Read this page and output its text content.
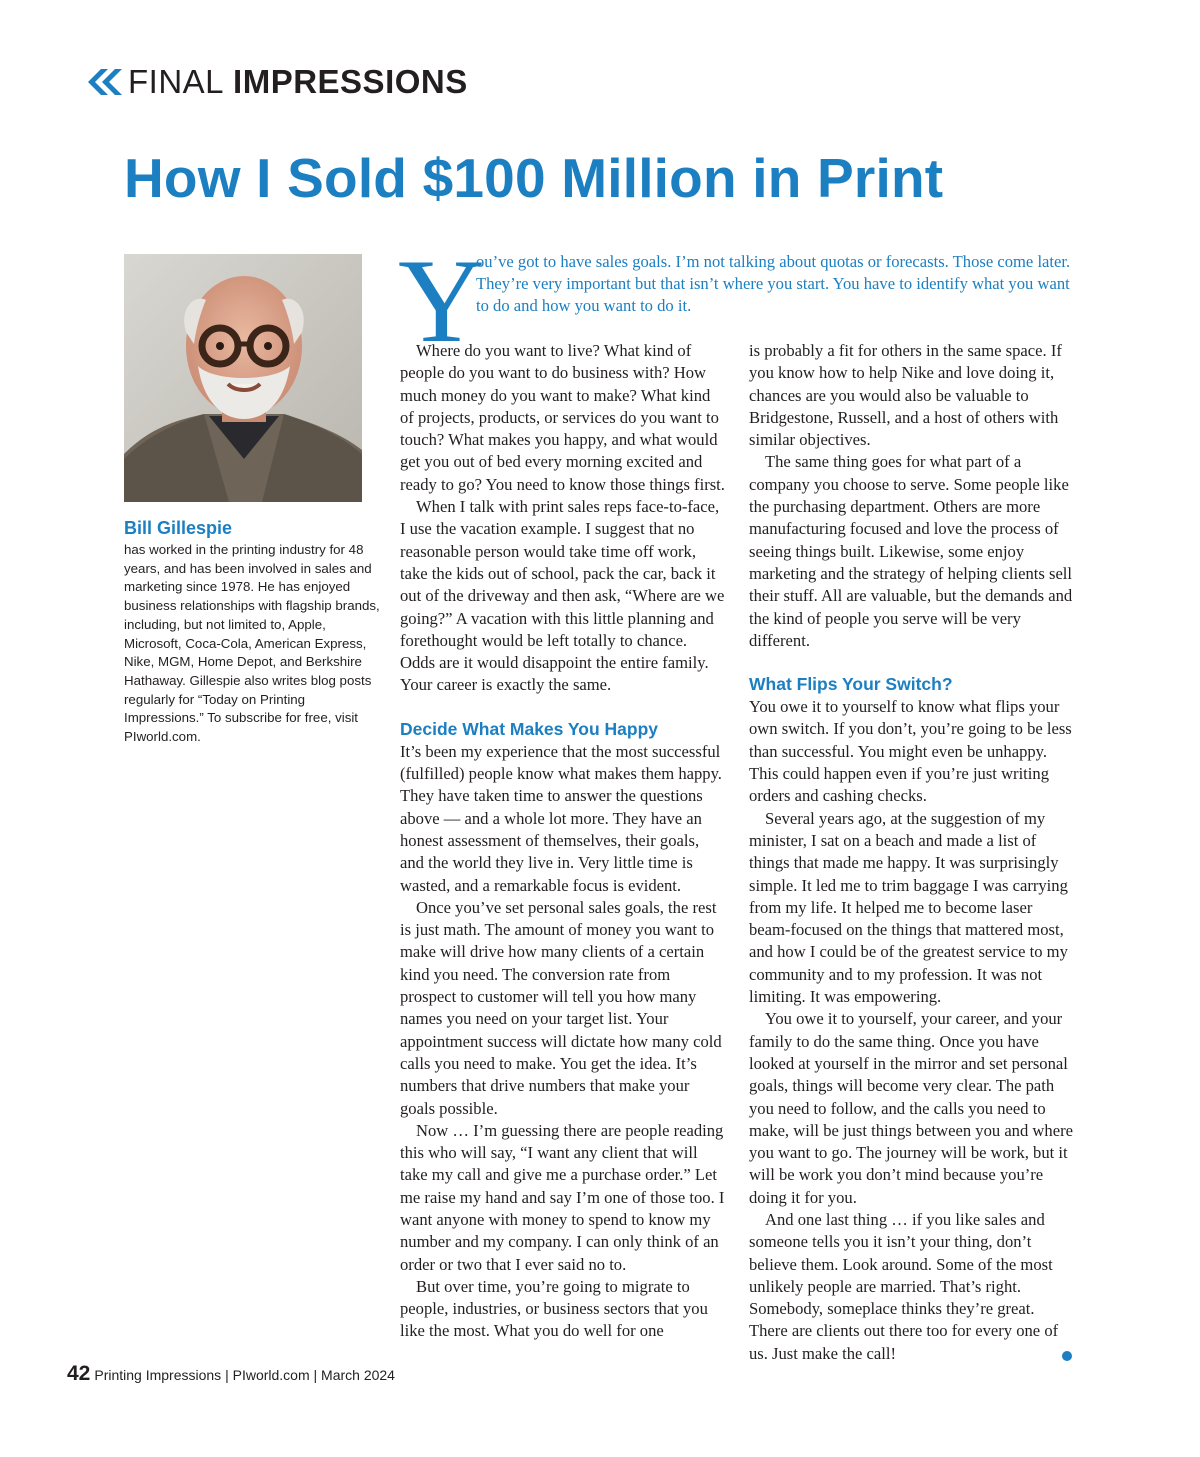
FINAL IMPRESSIONS
How I Sold $100 Million in Print
Bill Gillespie

has worked in the printing industry for 48 years, and has been involved in sales and marketing since 1978. He has enjoyed business relationships with flagship brands, including, but not limited to, Apple, Microsoft, Coca-Cola, American Express, Nike, MGM, Home Depot, and Berkshire Hathaway. Gillespie also writes blog posts regularly for “Today on Printing Impressions.” To subscribe for free, visit PIworld.com.

Y

ou’ve got to have sales goals. I’m not talking about quotas or forecasts. Those come later. They’re very important but that isn’t where you start. You have to identify what you want to do and how you want to do it.

Where do you want to live? What kind of people do you want to do business with? How much money do you want to make? What kind of projects, products, or services do you want to touch? What makes you happy, and what would get you out of bed every morning excited and ready to go? You need to know those things first.

When I talk with print sales reps face-to-face, I use the vacation example. I suggest that no reasonable person would take time off work, take the kids out of school, pack the car, back it out of the driveway and then ask, “Where are we going?” A vacation with this little planning and forethought would be left totally to chance. Odds are it would disappoint the entire family. Your career is exactly the same.

Decide What Makes You Happy

It’s been my experience that the most successful (fulfilled) people know what makes them happy. They have taken time to answer the questions above — and a whole lot more. They have an honest assessment of themselves, their goals, and the world they live in. Very little time is wasted, and a remarkable focus is evident.

Once you’ve set personal sales goals, the rest is just math. The amount of money you want to make will drive how many clients of a certain kind you need. The conversion rate from prospect to customer will tell you how many names you need on your target list. Your appointment success will dictate how many cold calls you need to make. You get the idea. It’s numbers that drive numbers that make your goals possible.

Now … I’m guessing there are people reading this who will say, “I want any client that will take my call and give me a purchase order.” Let me raise my hand and say I’m one of those too. I want anyone with money to spend to know my number and my company. I can only think of an order or two that I ever said no to.

But over time, you’re going to migrate to people, industries, or business sectors that you like the most. What you do well for one

is probably a fit for others in the same space. If you know how to help Nike and love doing it, chances are you would also be valuable to Bridgestone, Russell, and a host of others with similar objectives.

The same thing goes for what part of a company you choose to serve. Some people like the purchasing department. Others are more manufacturing focused and love the process of seeing things built. Likewise, some enjoy marketing and the strategy of helping clients sell their stuff. All are valuable, but the demands and the kind of people you serve will be very different.

What Flips Your Switch?

You owe it to yourself to know what flips your own switch. If you don’t, you’re going to be less than successful. You might even be unhappy. This could happen even if you’re just writing orders and cashing checks.

Several years ago, at the suggestion of my minister, I sat on a beach and made a list of things that made me happy. It was surprisingly simple. It led me to trim baggage I was carrying from my life. It helped me to become laser beam-focused on the things that mattered most, and how I could be of the greatest service to my community and to my profession. It was not limiting. It was empowering.

You owe it to yourself, your career, and your family to do the same thing. Once you have looked at yourself in the mirror and set personal goals, things will become very clear. The path you need to follow, and the calls you need to make, will be just things between you and where you want to go. The journey will be work, but it will be work you don’t mind because you’re doing it for you.

And one last thing … if you like sales and someone tells you it isn’t your thing, don’t believe them. Look around. Some of the most unlikely people are married. That’s right. Somebody, someplace thinks they’re great. There are clients out there too for every one of us. Just make the call!

42 Printing Impressions | PIworld.com | March 2024
